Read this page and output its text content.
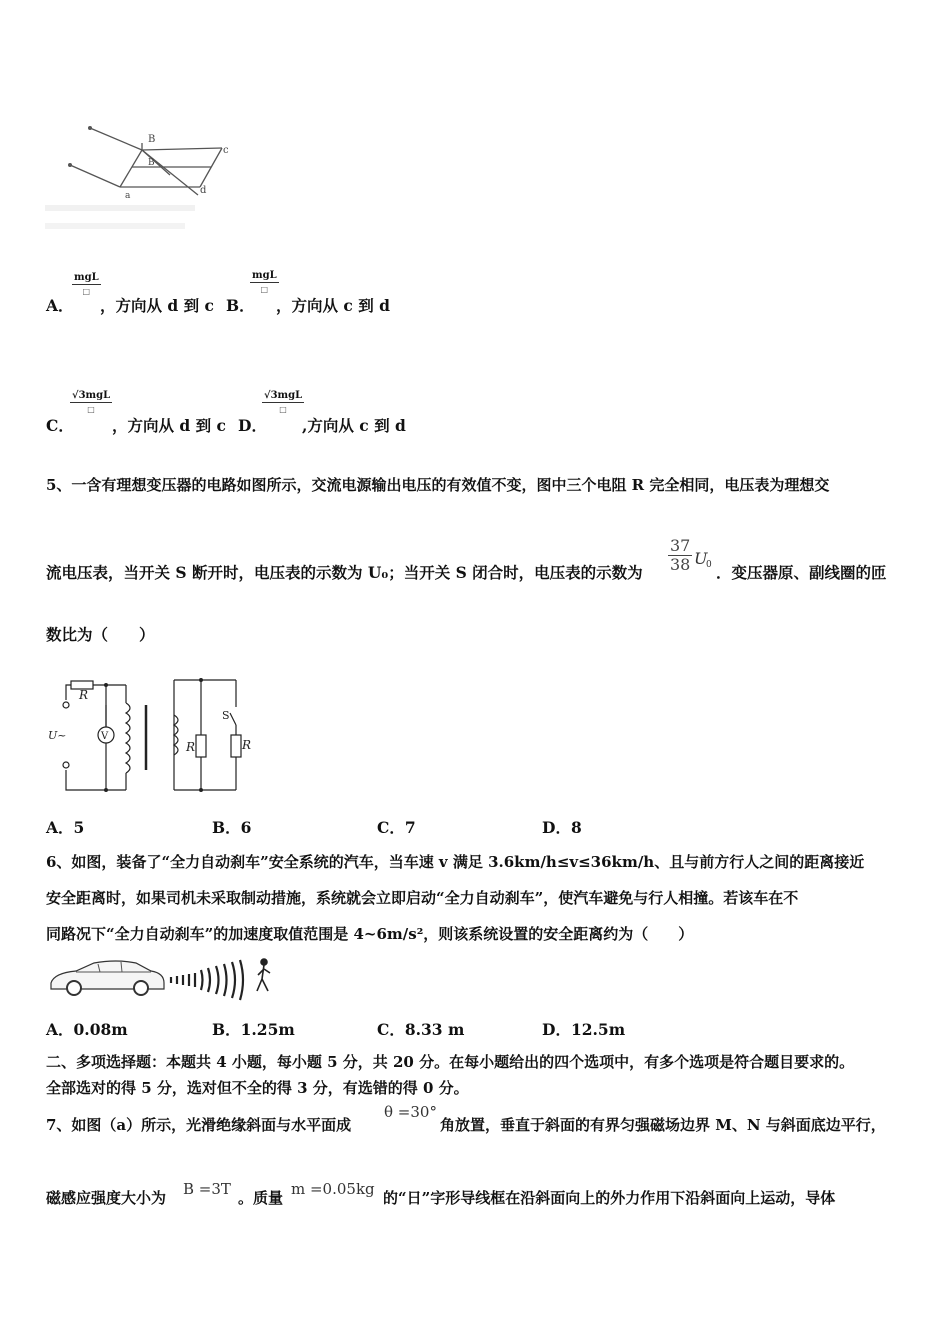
B
B
c
d
a
A．
mgL
□
，方向从 d 到 c B．
mgL
□
，方向从 c 到 d
C．
√3mgL
□
，方向从 d 到 c D．
√3mgL
□
,方向从 c 到 d
5、一含有理想变压器的电路如图所示，交流电源输出电压的有效值不变，图中三个电阻 R 完全相同，电压表为理想交
流电压表，当开关 S 断开时，电压表的示数为 U₀；当开关 S 闭合时，电压表的示数为 $\frac{37}{38}$ U
0 ．变压器原、副线圈的匝
数比为（　　）
R
U~	V
R	R
S
A．5	B．6	C．7	D．8
6、如图，装备了“全力自动刹车”安全系统的汽车，当车速 v 满足 3.6km/h≤v≤36km/h、且与前方行人之间的距离接近
安全距离时，如果司机未采取制动措施，系统就会立即启动“全力自动刹车”，使汽车避免与行人相撞。若该车在不
同路况下“全力自动刹车”的加速度取值范围是 4~6m/s²，则该系统设置的安全距离约为（　　）
A．0.08m	B．1.25m	C．8.33 m	D．12.5m
二、多项选择题：本题共 4 小题，每小题 5 分，共 20 分。在每小题给出的四个选项中，有多个选项是符合题目要求的。
全部选对的得 5 分，选对但不全的得 3 分，有选错的得 0 分。
7、如图（a）所示，光滑绝缘斜面与水平面成
θ =30°
角放置，垂直于斜面的有界匀强磁场边界 M、N 与斜面底边平行，
磁感应强度大小为 B =3T 。质量 m =0.05kg 的“日”字形导线框在沿斜面向上的外力作用下沿斜面向上运动，导体
